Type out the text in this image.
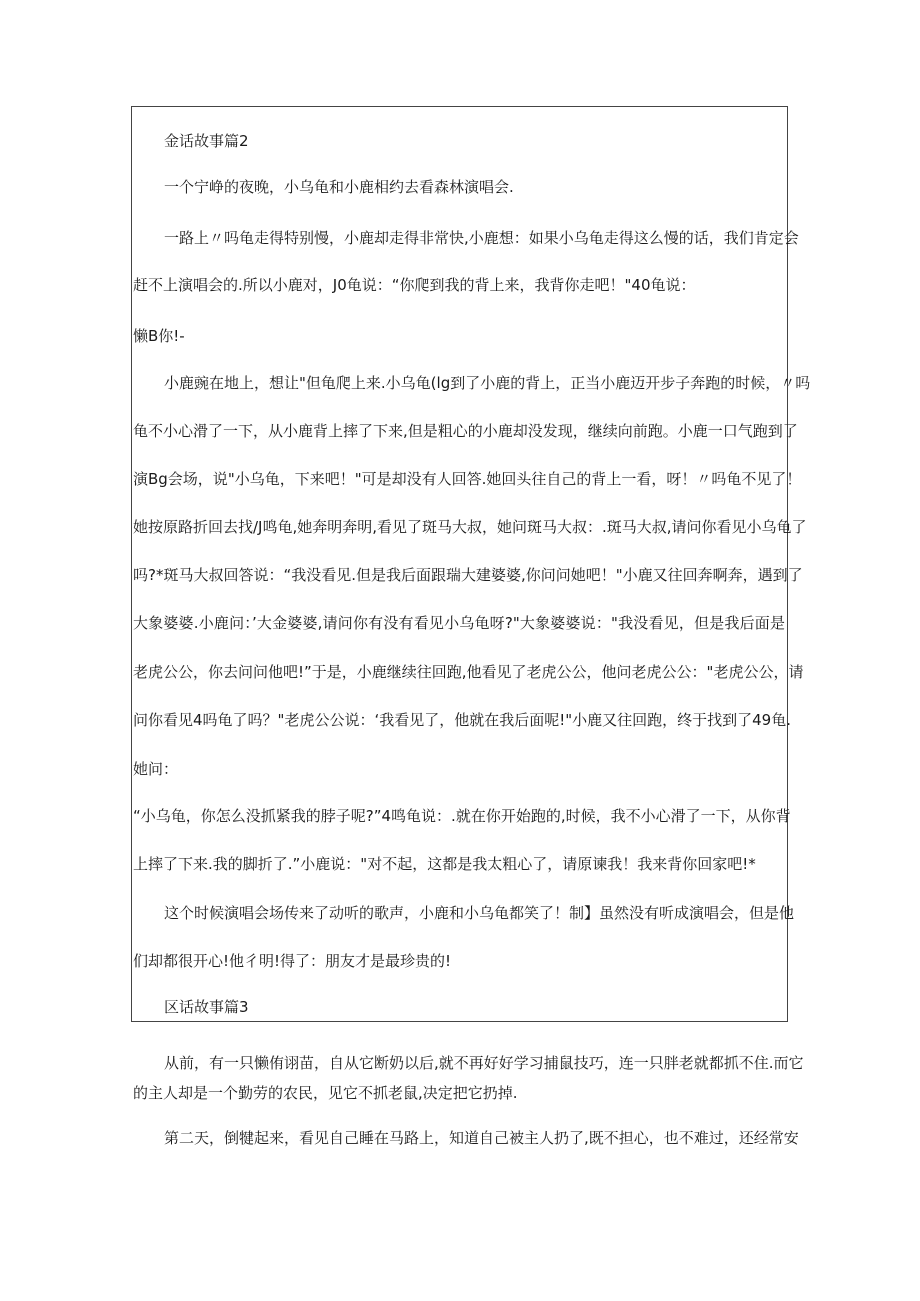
金话故事篇2
一个宁峥的夜晚，小乌龟和小鹿相约去看森林演唱会.
一路上〃吗龟走得特别慢，小鹿却走得非常快,小鹿想：如果小乌龟走得这么慢的话，我们肯定会
赶不上演唱会的.所以小鹿对，J0龟说：“你爬到我的背上来，我背你走吧！"40龟说：
懒B你!-
小鹿豌在地上，想让"但龟爬上来.小乌龟(lg到了小鹿的背上，正当小鹿迈开步子奔跑的时候，〃吗
龟不小心滑了一下，从小鹿背上摔了下来,但是粗心的小鹿却没发现，继续向前跑。小鹿一口气跑到了
演Bg会场，说"小乌龟，下来吧！"可是却没有人回答.她回头往自己的背上一看，呀！〃吗龟不见了！
她按原路折回去找/J鸣龟,她奔明奔明,看见了斑马大叔，她问斑马大叔：.斑马大叔,请问你看见小乌龟了
吗?*斑马大叔回答说：“我没看见.但是我后面跟瑞大建婆婆,你问问她吧！"小鹿又往回奔啊奔，遇到了
大象婆婆.小鹿问：’大金婆婆,请问你有没有看见小乌龟呀?"大象婆婆说："我没看见，但是我后面是
老虎公公，你去问问他吧!”于是，小鹿继续往回跑,他看见了老虎公公，他问老虎公公："老虎公公，请
问你看见4吗龟了吗？"老虎公公说：‘我看见了，他就在我后面呢!"小鹿又往回跑，终于找到了49龟.
她问：
“小乌龟，你怎么没抓紧我的脖子呢?”4鸣龟说：.就在你开始跑的,时候，我不小心滑了一下，从你背
上摔了下来.我的脚折了.”小鹿说："对不起，这都是我太粗心了，请原谏我！我来背你回家吧!*
这个时候演唱会场传来了动听的歌声，小鹿和小乌龟都笑了！制】虽然没有听成演唱会，但是他
们却都很开心!他彳明!得了：朋友才是最珍贵的!
区话故事篇3
从前，有一只懒侑诩苗，自从它断奶以后,就不再好好学习捕鼠技巧，连一只胖老就都抓不住.而它
的主人却是一个勤劳的农民，见它不抓老鼠,决定把它扔掉.
第二天，倒犍起来，看见自己睡在马路上，知道自己被主人扔了,既不担心，也不难过，还经常安
